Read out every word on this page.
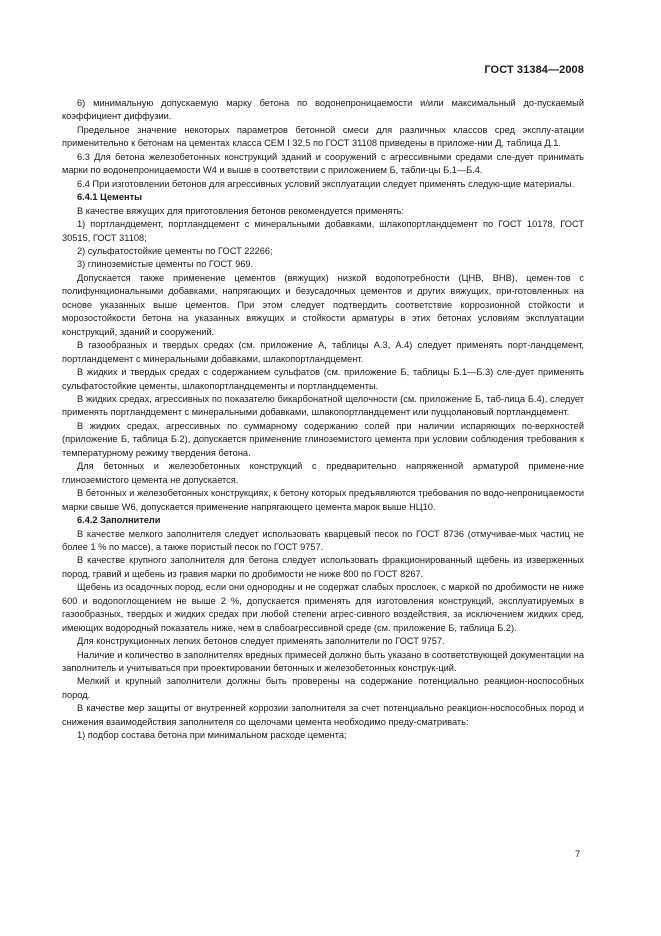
ГОСТ 31384—2008

6) минимальную допускаемую марку бетона по водонепроницаемости и/или максимальный до-пускаемый коэффициент диффузии.

Предельное значение некоторых параметров бетонной смеси для различных классов сред эксплу-атации применительно к бетонам на цементах класса CEM I 32,5 по ГОСТ 31108 приведены в приложе-нии Д, таблица Д.1.

6.3 Для бетона железобетонных конструкций зданий и сооружений с агрессивными средами сле-дует принимать марки по водонепроницаемости W4 и выше в соответствии с приложением Б, табли-цы Б.1—Б.4.

6.4 При изготовлении бетонов для агрессивных условий эксплуатации следует применять следую-щие материалы.

6.4.1 Цементы

В качестве вяжущих для приготовления бетонов рекомендуется применять:

1) портландцемент, портландцемент с минеральными добавками, шлакопортландцемент по ГОСТ 10178, ГОСТ 30515, ГОСТ 31108;

2) сульфатостойкие цементы по ГОСТ 22266;

3) глиноземистые цементы по ГОСТ 969.

Допускается также применение цементов (вяжущих) низкой водопотребности (ЦНВ, ВНВ), цемен-тов с полифункциональными добавками, напрягающих и безусадочных цементов и других вяжущих, при-готовленных на основе указанных выше цементов. При этом следует подтвердить соответствие коррозионной стойкости и морозостойкости бетона на указанных вяжущих и стойкости арматуры в этих бетонах условиям эксплуатации конструкций, зданий и сооружений.

В газообразных и твердых средах (см. приложение А, таблицы А.3, А.4) следует применять порт-ландцемент, портландцемент с минеральными добавками, шлакопортландцемент.

В жидких и твердых средах с содержанием сульфатов (см. приложение Б, таблицы Б.1—Б.3) сле-дует применять сульфатостойкие цементы, шлакопортландцементы и портландцементы.

В жидких средах, агрессивных по показателю бикарбонатной щелочности (см. приложение Б, таб-лица Б.4), следует применять портландцемент с минеральными добавками, шлакопортландцемент или пуццолановый портландцемент.

В жидких средах, агрессивных по суммарному содержанию солей при наличии испаряющих по-верхностей (приложение Б, таблица Б.2), допускается применение глиноземистого цемента при условии соблюдения требования к температурному режиму твердения бетона.

Для бетонных и железобетонных конструкций с предварительно напряженной арматурой примене-ние глиноземистого цемента не допускается.

В бетонных и железобетонных конструкциях, к бетону которых предъявляются требования по водо-непроницаемости марки свыше W6, допускается применение напрягающего цемента марок выше НЦ10.

6.4.2 Заполнители

В качестве мелкого заполнителя следует использовать кварцевый песок по ГОСТ 8736 (отмучивае-мых частиц не более 1 % по массе), а также пористый песок по ГОСТ 9757.

В качестве крупного заполнителя для бетона следует использовать фракционированный щебень из изверженных пород, гравий и щебень из гравия марки по дробимости не ниже 800 по ГОСТ 8267.

Щебень из осадочных пород, если они однородны и не содержат слабых прослоек, с маркой по дробимости не ниже 600 и водопоглощением не выше 2 %, допускается применять для изготовления конструкций, эксплуатируемых в газообразных, твердых и жидких средах при любой степени агрес-сивного воздействия, за исключением жидких сред, имеющих водородный показатель ниже, чем в слабоагрессивной среде (см. приложение Б, таблица Б.2).

Для конструкционных легких бетонов следует применять заполнители по ГОСТ 9757.

Наличие и количество в заполнителях вредных примесей должно быть указано в соответствующей документации на заполнитель и учитываться при проектировании бетонных и железобетонных конструк-ций.

Мелкий и крупный заполнители должны быть проверены на содержание потенциально реакцион-носпособных пород.

В качестве мер защиты от внутренней коррозии заполнителя за счет потенциально реакцион-носпособных пород и снижения взаимодействия заполнителя со щелочами цемента необходимо преду-сматривать:

1) подбор состава бетона при минимальном расходе цемента;

7
